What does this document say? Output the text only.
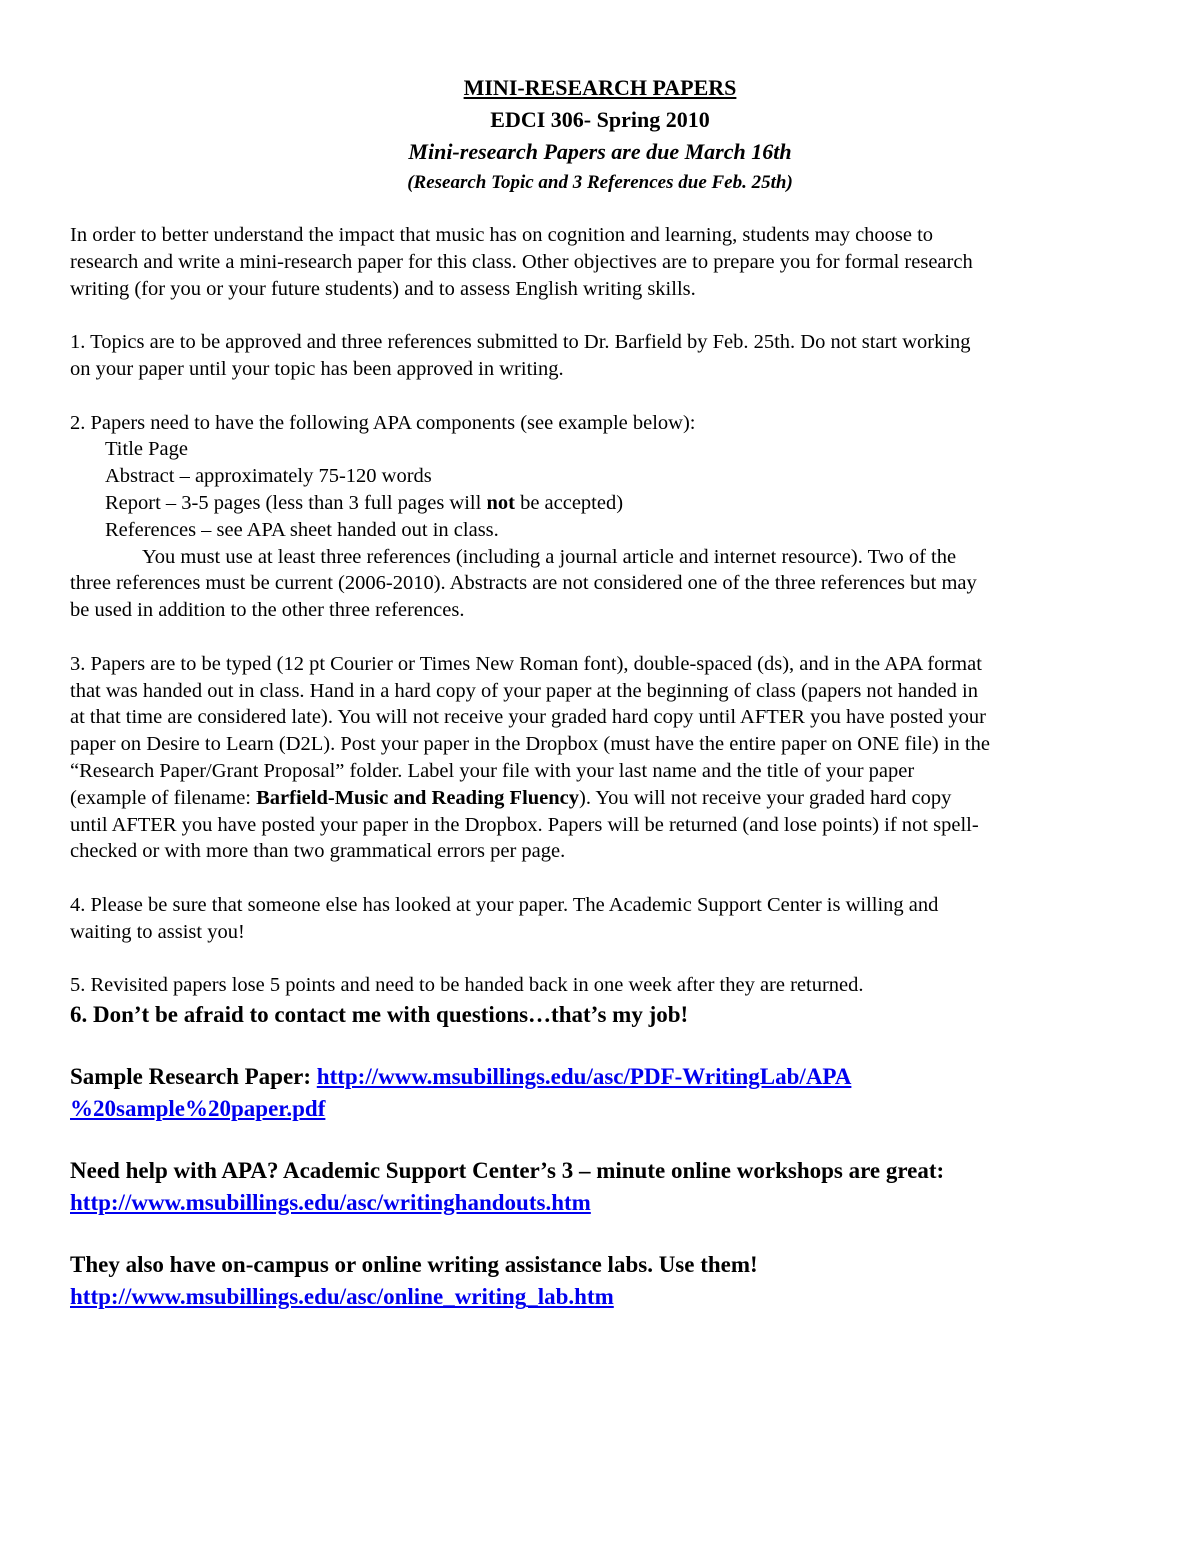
MINI-RESEARCH PAPERS
EDCI 306- Spring 2010
Mini-research Papers are due March 16th
(Research Topic and 3 References due Feb. 25th)

In order to better understand the impact that music has on cognition and learning, students may choose to

research and write a mini-research paper for this class. Other objectives are to prepare you for formal research

writing (for you or your future students) and to assess English writing skills.

1. Topics are to be approved and three references submitted to Dr. Barfield by Feb. 25th. Do not start working

on your paper until your topic has been approved in writing.

2. Papers need to have the following APA components (see example below):

Title Page

Abstract – approximately 75-120 words

Report – 3-5 pages (less than 3 full pages will not be accepted)

References – see APA sheet handed out in class.

You must use at least three references (including a journal article and internet resource). Two of the

three references must be current (2006-2010). Abstracts are not considered one of the three references but may

be used in addition to the other three references.

3. Papers are to be typed (12 pt Courier or Times New Roman font), double-spaced (ds), and in the APA format

that was handed out in class. Hand in a hard copy of your paper at the beginning of class (papers not handed in

at that time are considered late). You will not receive your graded hard copy until AFTER you have posted your

paper on Desire to Learn (D2L). Post your paper in the Dropbox (must have the entire paper on ONE file) in the

“Research Paper/Grant Proposal” folder. Label your file with your last name and the title of your paper

(example of filename: Barfield-Music and Reading Fluency). You will not receive your graded hard copy

until AFTER you have posted your paper in the Dropbox. Papers will be returned (and lose points) if not spell-

checked or with more than two grammatical errors per page.

4. Please be sure that someone else has looked at your paper. The Academic Support Center is willing and

waiting to assist you!

5. Revisited papers lose 5 points and need to be handed back in one week after they are returned.

6. Don’t be afraid to contact me with questions…that’s my job!
Sample Research Paper: http://www.msubillings.edu/asc/PDF-WritingLab/APA
%20sample%20paper.pdf
Need help with APA? Academic Support Center’s 3 – minute online workshops are great:
http://www.msubillings.edu/asc/writinghandouts.htm
They also have on-campus or online writing assistance labs. Use them!
http://www.msubillings.edu/asc/online_writing_lab.htm
